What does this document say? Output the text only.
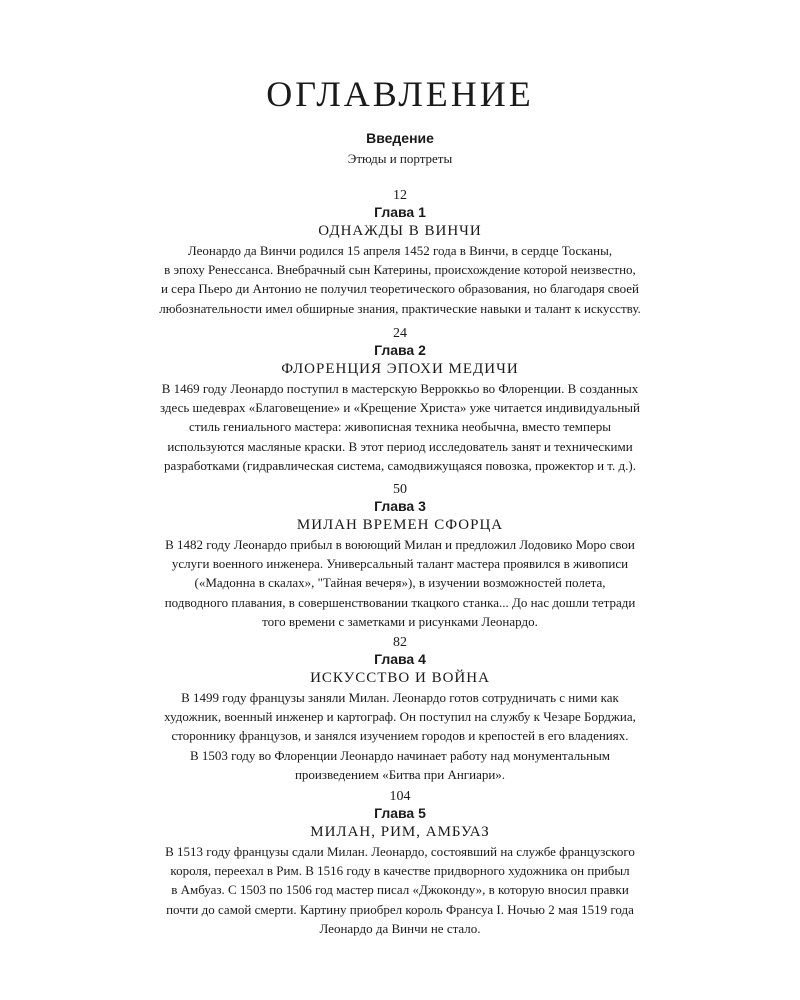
ОГЛАВЛЕНИЕ
Введение
Этюды и портреты
12
Глава 1
ОДНАЖДЫ В ВИНЧИ
Леонардо да Винчи родился 15 апреля 1452 года в Винчи, в сердце Тосканы,
в эпоху Ренессанса. Внебрачный сын Катерины, происхождение которой неизвестно,
и сера Пьеро ди Антонио не получил теоретического образования, но благодаря своей
любознательности имел обширные знания, практические навыки и талант к искусству.
24
Глава 2
ФЛОРЕНЦИЯ ЭПОХИ МЕДИЧИ
В 1469 году Леонардо поступил в мастерскую Верроккьо во Флоренции. В созданных
здесь шедеврах «Благовещение» и «Крещение Христа» уже читается индивидуальный
стиль гениального мастера: живописная техника необычна, вместо темперы
используются масляные краски. В этот период исследователь занят и техническими
разработками (гидравлическая система, самодвижущаяся повозка, прожектор и т. д.).
50
Глава 3
МИЛАН ВРЕМЕН СФОРЦА
В 1482 году Леонардо прибыл в воюющий Милан и предложил Лодовико Моро свои
услуги военного инженера. Универсальный талант мастера проявился в живописи
(«Мадонна в скалах», "Тайная вечеря»), в изучении возможностей полета,
подводного плавания, в совершенствовании ткацкого станка... До нас дошли тетради
того времени с заметками и рисунками Леонардо.
82
Глава 4
ИСКУССТВО И ВОЙНА
В 1499 году французы заняли Милан. Леонардо готов сотрудничать с ними как
художник, военный инженер и картограф. Он поступил на службу к Чезаре Борджиа,
стороннику французов, и занялся изучением городов и крепостей в его владениях.
В 1503 году во Флоренции Леонардо начинает работу над монументальным
произведением «Битва при Ангиари».
104
Глава 5
МИЛАН, РИМ, АМБУАЗ
В 1513 году французы сдали Милан. Леонардо, состоявший на службе французского
короля, переехал в Рим. В 1516 году в качестве придворного художника он прибыл
в Амбуаз. С 1503 по 1506 год мастер писал «Джоконду», в которую вносил правки
почти до самой смерти. Картину приобрел король Франсуа I. Ночью 2 мая 1519 года
Леонардо да Винчи не стало.
